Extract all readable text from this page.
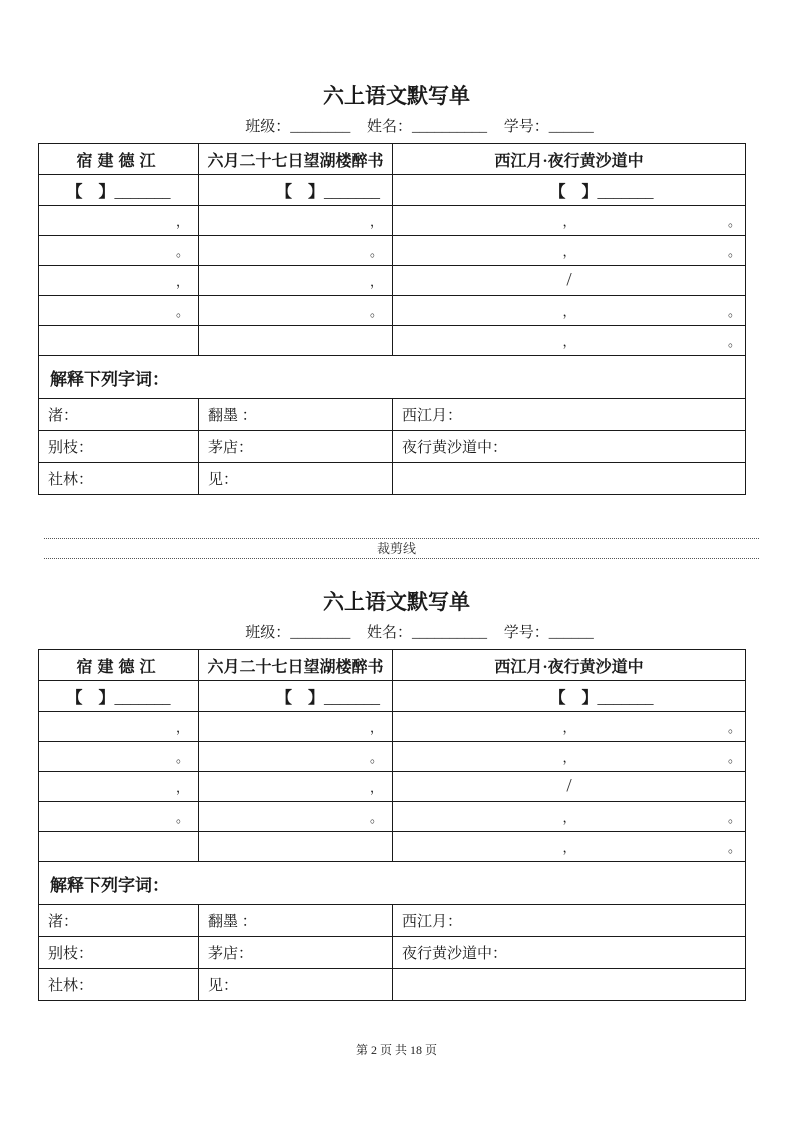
六上语文默写单
班级：________ 姓名：__________ 学号：______
宿建德江	六月二十七日望湖楼醉书	西江月·夜行黄沙道中
【　】_______	【　】_______	【　】_______
，	，	， 。

。	。	， 。

，	，	/

。	。	， 。

		， 。

解释下列字词：		
渚：	翻墨 ：	西江月：
别枝：	茅店：	夜行黄沙道中：
社林：	见：	
裁剪线
六上语文默写单
班级：________ 姓名：__________ 学号：______
宿建德江	六月二十七日望湖楼醉书	西江月·夜行黄沙道中
【　】_______	【　】_______	【　】_______
，	，	， 。

。	。	， 。

，	，	/

。	。	， 。

		， 。

解释下列字词：		
渚：	翻墨 ：	西江月：
别枝：	茅店：	夜行黄沙道中：
社林：	见：	
第 2 页 共 18 页
